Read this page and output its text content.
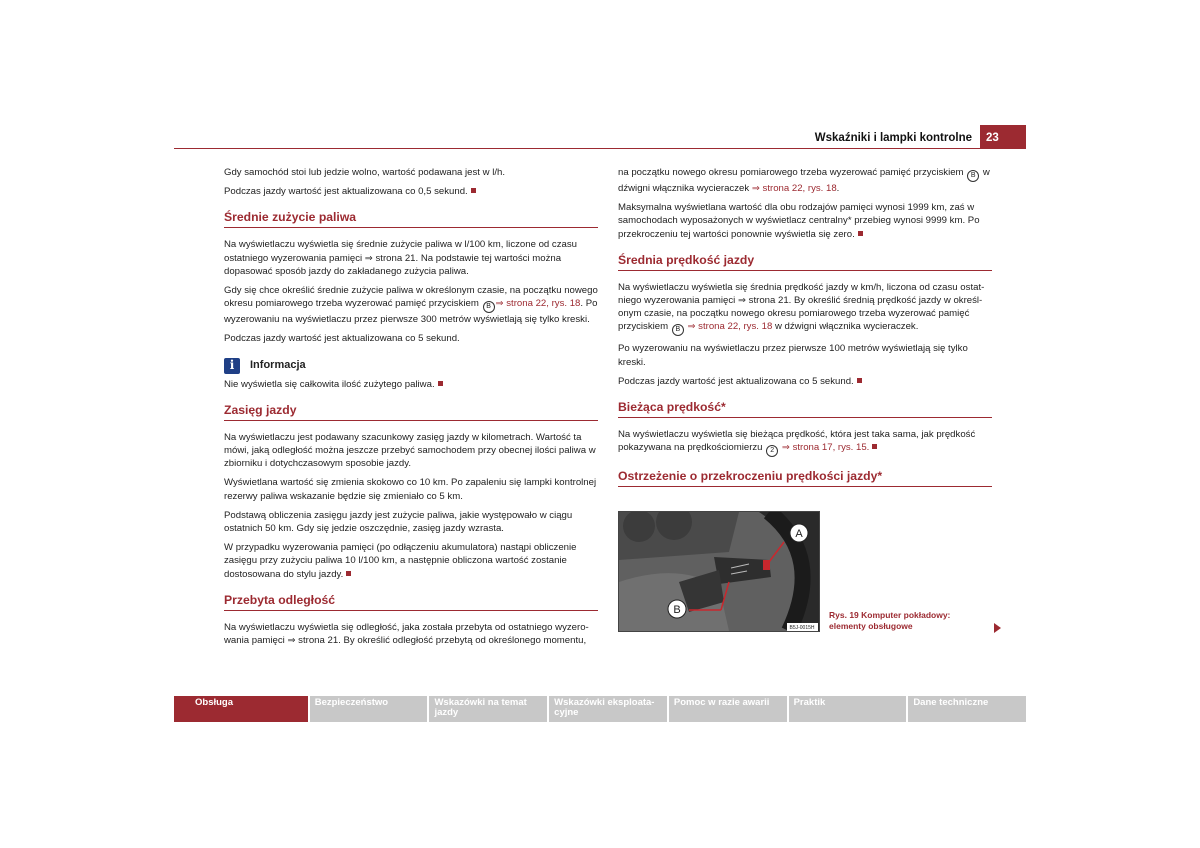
Wskaźniki i lampki kontrolne	23

Gdy samochód stoi lub jedzie wolno, wartość podawana jest w l/h.

Podczas jazdy wartość jest aktualizowana co 0,5 sekund.

Średnie zużycie paliwa

Na wyświetlaczu wyświetla się średnie zużycie paliwa w l/100 km, liczone od czasu ostatniego wyzerowania pamięci ⇒ strona 21. Na podstawie tej wartości można dopasować sposób jazdy do zakładanego zużycia paliwa.

Gdy się chce określić średnie zużycie paliwa w określonym czasie, na początku nowego okresu pomiarowego trzeba wyzerować pamięć przyciskiem B ⇒ strona 22, rys. 18. Po wyzerowaniu na wyświetlaczu przez pierwsze 300 metrów wyświetlają się tylko kreski.

Podczas jazdy wartość jest aktualizowana co 5 sekund.

i	Informacja

Nie wyświetla się całkowita ilość zużytego paliwa.

Zasięg jazdy

Na wyświetlaczu jest podawany szacunkowy zasięg jazdy w kilometrach. Wartość ta mówi, jaką odległość można jeszcze przebyć samochodem przy obecnej ilości paliwa w zbiorniku i dotychczasowym sposobie jazdy.

Wyświetlana wartość się zmienia skokowo co 10 km. Po zapaleniu się lampki kontrolnej rezerwy paliwa wskazanie będzie się zmieniało co 5 km.

Podstawą obliczenia zasięgu jazdy jest zużycie paliwa, jakie występowało w ciągu ostatnich 50 km. Gdy się jedzie oszczędnie, zasięg jazdy wzrasta.

W przypadku wyzerowania pamięci (po odłączeniu akumulatora) nastąpi obliczenie zasięgu przy zużyciu paliwa 10 l/100 km, a następnie obliczona wartość zostanie dostosowana do stylu jazdy.

Przebyta odległość

Na wyświetlaczu wyświetla się odległość, jaka została przebyta od ostatniego wyzero-wania pamięci ⇒ strona 21. By określić odległość przebytą od określonego momentu,

na początku nowego okresu pomiarowego trzeba wyzerować pamięć przyciskiem B w dźwigni włącznika wycieraczek ⇒ strona 22, rys. 18.

Maksymalna wyświetlana wartość dla obu rodzajów pamięci wynosi 1999 km, zaś w samochodach wyposażonych w wyświetlacz centralny* przebieg wynosi 9999 km. Po przekroczeniu tej wartości ponownie wyświetla się zero.

Średnia prędkość jazdy

Na wyświetlaczu wyświetla się średnia prędkość jazdy w km/h, liczona od czasu ostat-niego wyzerowania pamięci ⇒ strona 21. By określić średnią prędkość jazdy w określ-onym czasie, na początku nowego okresu pomiarowego trzeba wyzerować pamięć przyciskiem B ⇒ strona 22, rys. 18 w dźwigni włącznika wycieraczek.

Po wyzerowaniu na wyświetlaczu przez pierwsze 100 metrów wyświetlają się tylko kreski.

Podczas jazdy wartość jest aktualizowana co 5 sekund.

Bieżąca prędkość*

Na wyświetlaczu wyświetla się bieżąca prędkość, która jest taka sama, jak prędkość pokazywana na prędkościomierzu 2 ⇒ strona 17, rys. 15.

Ostrzeżenie o przekroczeniu prędkości jazdy*
A
B
B5J-0015H
Rys. 19 Komputer pokładowy:
elementy obsługowe
Obsługa	Bezpieczeństwo	Wskazówki na temat jazdy
Wskazówki eksploata-cyjne
Pomoc w razie awarii	Praktik	Dane techniczne
